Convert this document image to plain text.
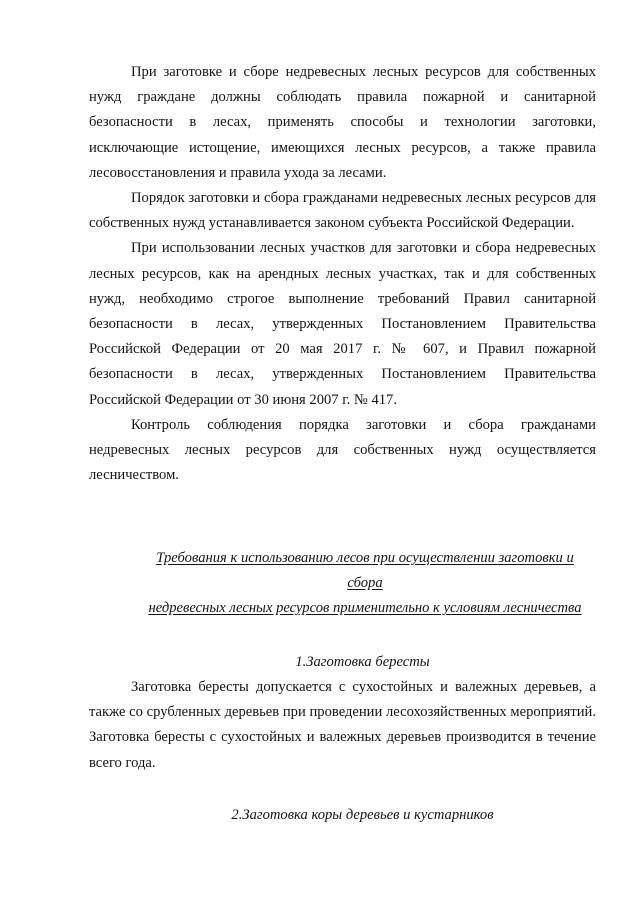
При заготовке и сборе недревесных лесных ресурсов для собственных нужд граждане должны соблюдать правила пожарной и санитарной безопасности в лесах, применять способы и технологии заготовки, исключающие истощение, имеющихся лесных ресурсов, а также правила лесовосстановления и правила ухода за лесами.

Порядок заготовки и сбора гражданами недревесных лесных ресурсов для собственных нужд устанавливается законом субъекта Российской Федерации.

При использовании лесных участков для заготовки и сбора недревесных лесных ресурсов, как на арендных лесных участках, так и для собственных нужд, необходимо строгое выполнение требований Правил санитарной безопасности в лесах, утвержденных Постановлением Правительства Российской Федерации от 20 мая 2017 г. № 607, и Правил пожарной безопасности в лесах, утвержденных Постановлением Правительства Российской Федерации от 30 июня 2007 г. № 417.

Контроль соблюдения порядка заготовки и сбора гражданами недревесных лесных ресурсов для собственных нужд осуществляется лесничеством.

Требования к использованию лесов при осуществлении заготовки и
сбора
недревесных лесных ресурсов применительно к условиям лесничества
1.Заготовка бересты

Заготовка бересты допускается с сухостойных и валежных деревьев, а также со срубленных деревьев при проведении лесохозяйственных мероприятий. Заготовка бересты с сухостойных и валежных деревьев производится в течение всего года.

2.Заготовка коры деревьев и кустарников
